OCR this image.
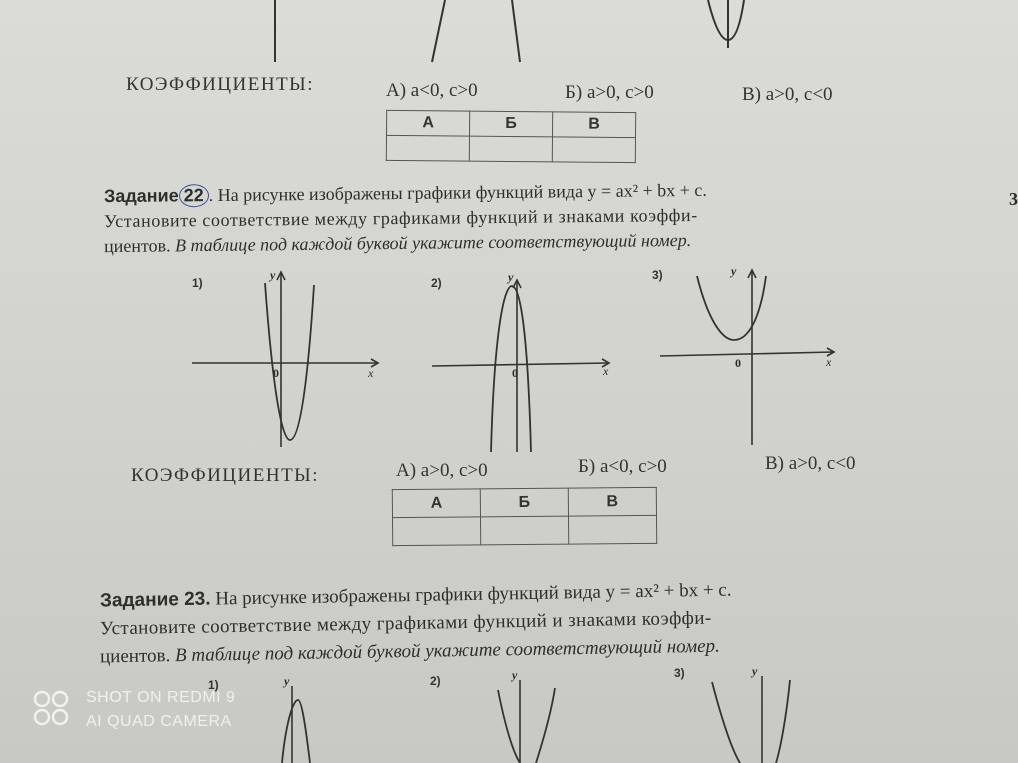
КОЭФФИЦИЕНТЫ:	А) a<0, c>0	Б) a>0, c>0	В) a>0, c<0
А	Б	В

Задание 22 . На рисунке изображены графики функций вида y = ax² + bx + c.
Установите соответствие между графиками функций и знаками коэффи-
циентов. В таблице под каждой буквой укажите соответствующий номер.
3
1)	2)
3)
y
x
0
y
x
0
y
x
0
КОЭФФИЦИЕНТЫ:	А) a>0, c>0	Б) a<0, c>0	В) a>0, c<0
А	Б	В

Задание 23. На рисунке изображены графики функций вида y = ax² + bx + c.
Установите соответствие между графиками функций и знаками коэффи-
циентов. В таблице под каждой буквой укажите соответствующий номер.
1)	2)
3)
y	y	y
SHOT ON REDMI 9
AI QUAD CAMERA
